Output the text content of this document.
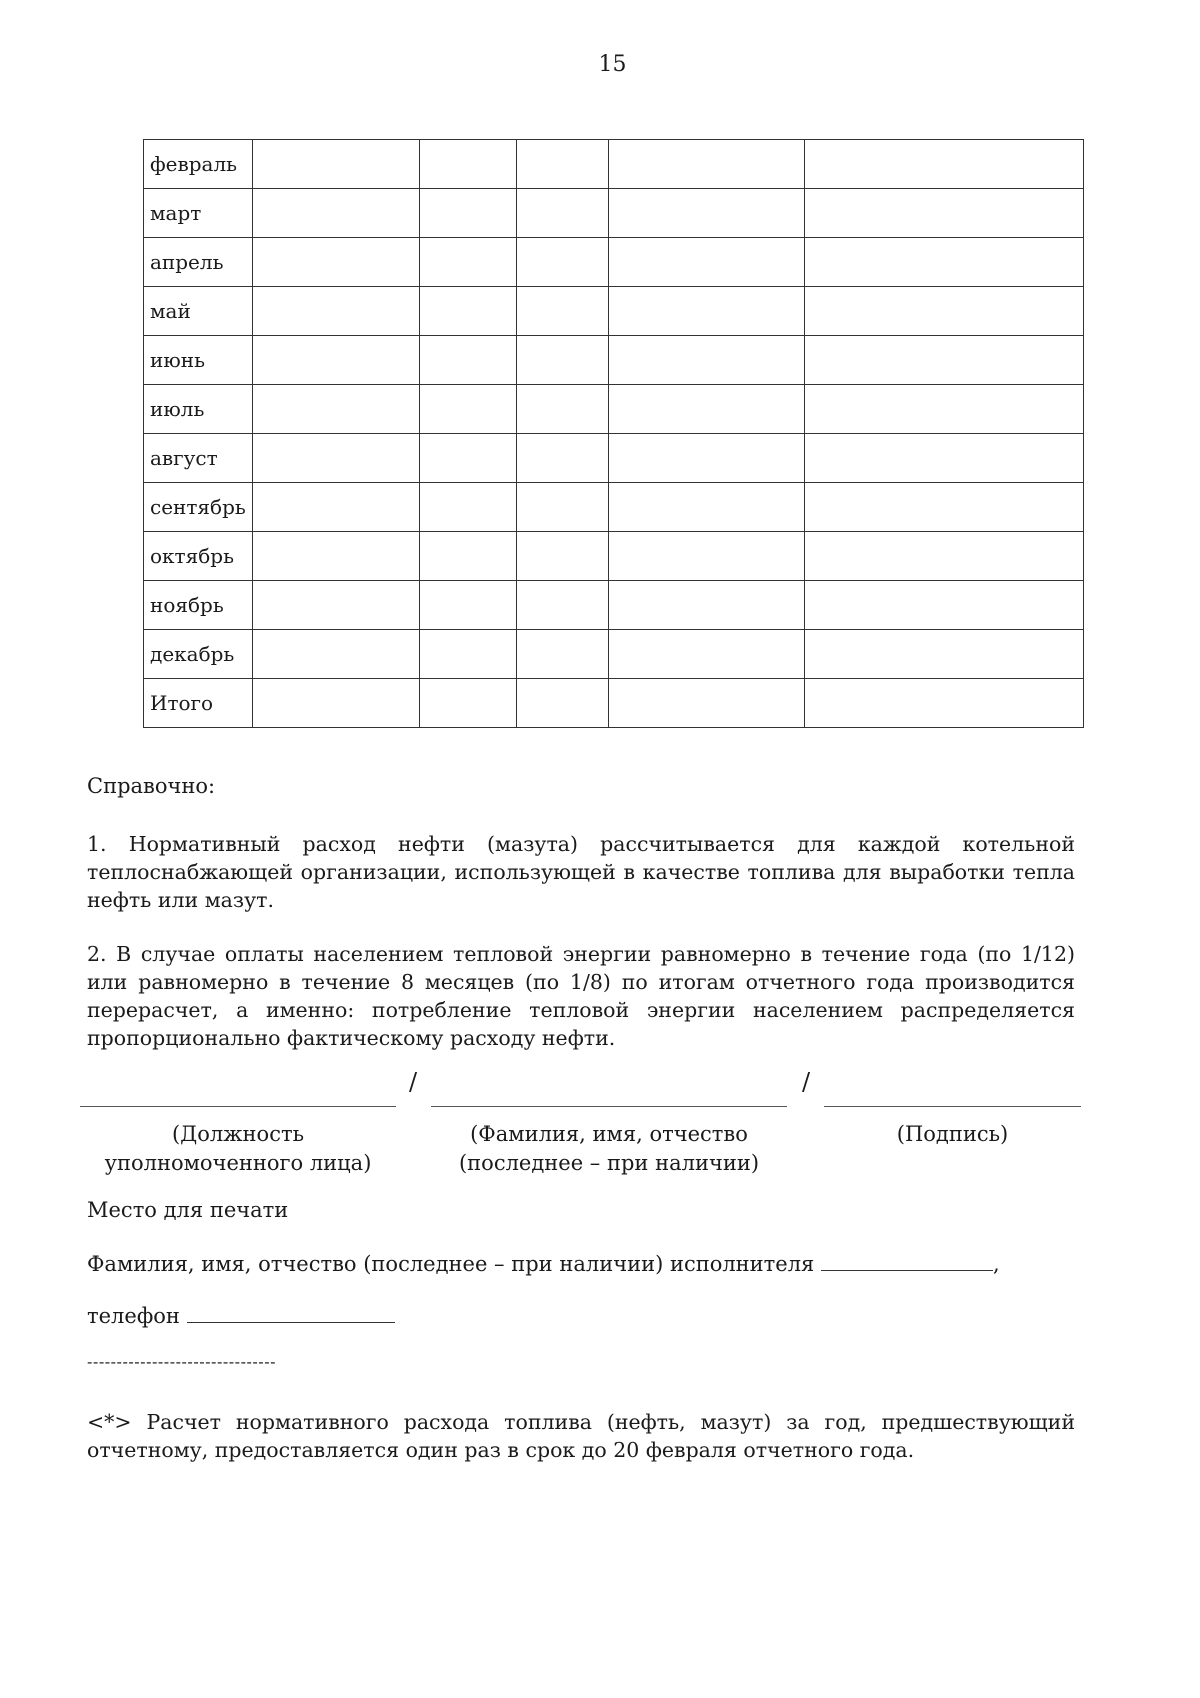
15
февраль					
март					
апрель					
май					
июнь					
июль					
август					
сентябрь					
октябрь					
ноябрь					
декабрь					
Итого					
Справочно:
1. Нормативный расход нефти (мазута) рассчитывается для каждой котельной теплоснабжающей организации, использующей в качестве топлива для выработки тепла нефть или мазут.
2. В случае оплаты населением тепловой энергии равномерно в течение года (по 1/12) или равномерно в течение 8 месяцев (по 1/8) по итогам отчетного года производится перерасчет, а именно: потребление тепловой энергии населением распределяется пропорционально фактическому расходу нефти.
/	/
(Должность
уполномоченного лица)
(Фамилия, имя, отчество
(последнее – при наличии)
(Подпись)
Место для печати
Фамилия, имя, отчество (последнее – при наличии) исполнителя	,
телефон
--------------------------------
<*> Расчет нормативного расхода топлива (нефть, мазут) за год, предшествующий отчетному, предоставляется один раз в срок до 20 февраля отчетного года.
